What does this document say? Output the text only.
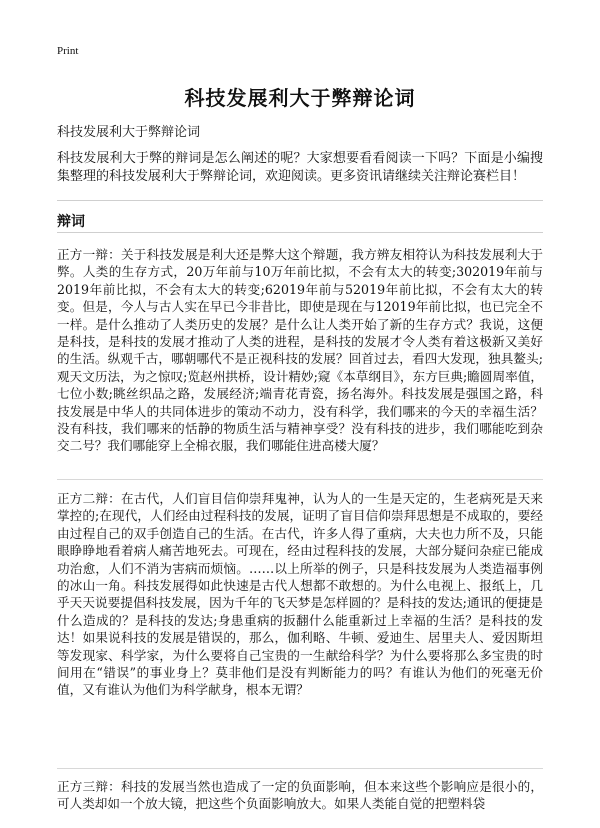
Print
科技发展利大于弊辩论词
科技发展利大于弊辩论词
科技发展利大于弊的辩词是怎么阐述的呢？大家想要看看阅读一下吗？下面是小编搜集整理的科技发展利大于弊辩论词，欢迎阅读。更多资讯请继续关注辩论赛栏目！
辩词

正方一辩：关于科技发展是利大还是弊大这个辩题，我方辨友相符认为科技发展利大于弊。人类的生存方式，20万年前与10万年前比拟，不会有太大的转变;302019年前与2019年前比拟，不会有太大的转变;62019年前与52019年前比拟，不会有太大的转变。但是，今人与古人实在早已今非昔比，即使是现在与12019年前比拟，也已完全不一样。是什么推动了人类历史的发展？是什么让人类开始了新的生存方式？我说，这便是科技，是科技的发展才推动了人类的进程，是科技的发展才令人类有着这极新又美好的生活。纵观千古，哪朝哪代不是正视科技的发展？回首过去，看四大发现，独具鳌头;观天文历法，为之惊叹;览赵州拱桥，设计精妙;窥《本草纲目》，东方巨典;瞻圆周率值，七位小数;眺丝织品之路，发展经济;端青花青瓷，扬名海外。科技发展是强国之路，科技发展是中华人的共同体进步的策动不动力，没有科学，我们哪来的今天的幸福生活？没有科技，我们哪来的恬静的物质生活与精神享受？没有科技的进步，我们哪能吃到杂交二号？我们哪能穿上全棉衣服，我们哪能住进高楼大厦？

正方二辩：在古代，人们盲目信仰崇拜鬼神，认为人的一生是天定的，生老病死是天来掌控的;在现代，人们经由过程科技的发展，证明了盲目信仰崇拜思想是不成取的，要经由过程自己的双手创造自己的生活。在古代，许多人得了重病，大夫也力所不及，只能眼睁睁地看着病人痛苦地死去。可现在，经由过程科技的发展，大部分疑问杂症已能成功治愈，人们不消为害病而烦恼。……以上所举的例子，只是科技发展为人类造福事例的冰山一角。科技发展得如此快速是古代人想都不敢想的。为什么电视上、报纸上，几乎天天说要提倡科技发展，因为千年的飞天梦是怎样圆的？是科技的发达;通讯的便捷是什么造成的？是科技的发达;身患重病的扳翻什么能重新过上幸福的生活？是科技的发达！如果说科技的发展是错误的，那么，伽利略、牛顿、爱迪生、居里夫人、爱因斯坦等发现家、科学家，为什么要将自己宝贵的一生献给科学？为什么要将那么多宝贵的时间用在“错误”的事业身上？莫非他们是没有判断能力的吗？有谁认为他们的死毫无价值，又有谁认为他们为科学献身，根本无谓？

正方三辩：科技的发展当然也造成了一定的负面影响，但本来这些个影响应是很小的，可人类却如一个放大镜，把这些个负面影响放大。如果人类能自觉的把塑料袋
